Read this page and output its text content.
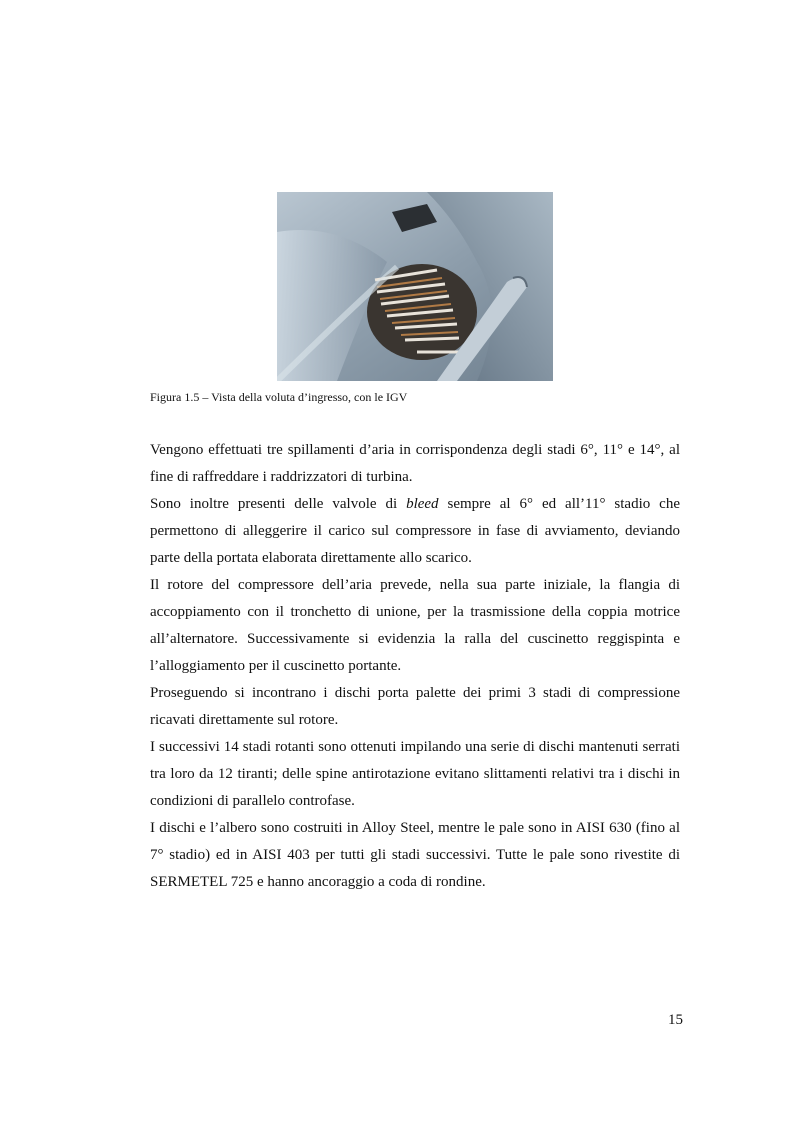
Figura 1.5 – Vista della voluta d’ingresso, con le IGV

Vengono effettuati tre spillamenti d’aria in corrispondenza degli stadi 6°, 11° e 14°, al fine di raffreddare i raddrizzatori di turbina.

Sono inoltre presenti delle valvole di bleed sempre al 6° ed all’11° stadio che permettono di alleggerire il carico sul compressore in fase di avviamento, deviando parte della portata elaborata direttamente allo scarico.

Il rotore del compressore dell’aria prevede, nella sua parte iniziale, la flangia di accoppiamento con il tronchetto di unione, per la trasmissione della coppia motrice all’alternatore. Successivamente si evidenzia la ralla del cuscinetto reggispinta e l’alloggiamento per il cuscinetto portante.

Proseguendo si incontrano i dischi porta palette dei primi 3 stadi di compressione ricavati direttamente sul rotore.

I successivi 14 stadi rotanti sono ottenuti impilando una serie di dischi mantenuti serrati tra loro da 12 tiranti; delle spine antirotazione evitano slittamenti relativi tra i dischi in condizioni di parallelo controfase.

I dischi e l’albero sono costruiti in Alloy Steel, mentre le pale sono in AISI 630 (fino al 7° stadio) ed in AISI 403 per tutti gli stadi successivi. Tutte le pale sono rivestite di SERMETEL 725 e hanno ancoraggio a coda di rondine.

15
